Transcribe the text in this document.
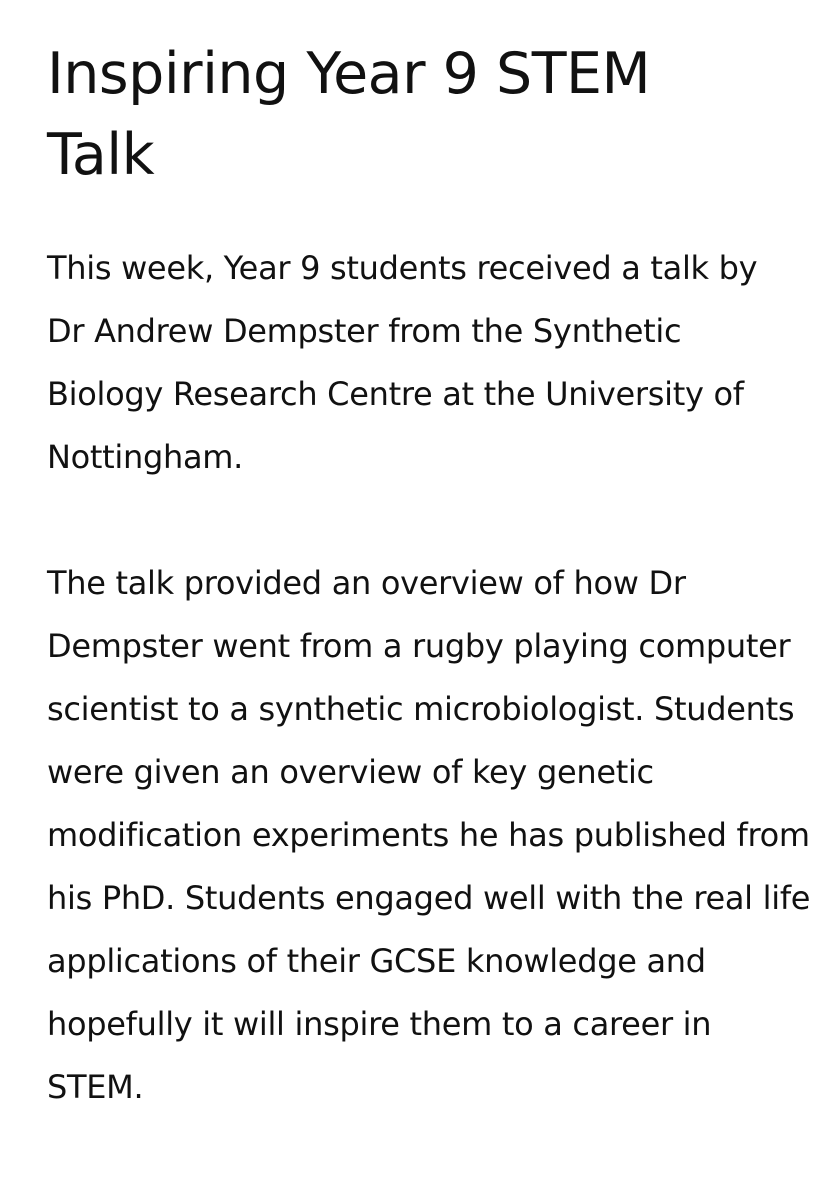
Inspiring Year 9 STEM Talk

This week, Year 9 students received a talk by Dr Andrew Dempster from the Synthetic Biology Research Centre at the University of Nottingham.

The talk provided an overview of how Dr Dempster went from a rugby playing computer scientist to a synthetic microbiologist. Students were given an overview of key genetic modification experiments he has published from his PhD. Students engaged well with the real life applications of their GCSE knowledge and hopefully it will inspire them to a career in STEM.
